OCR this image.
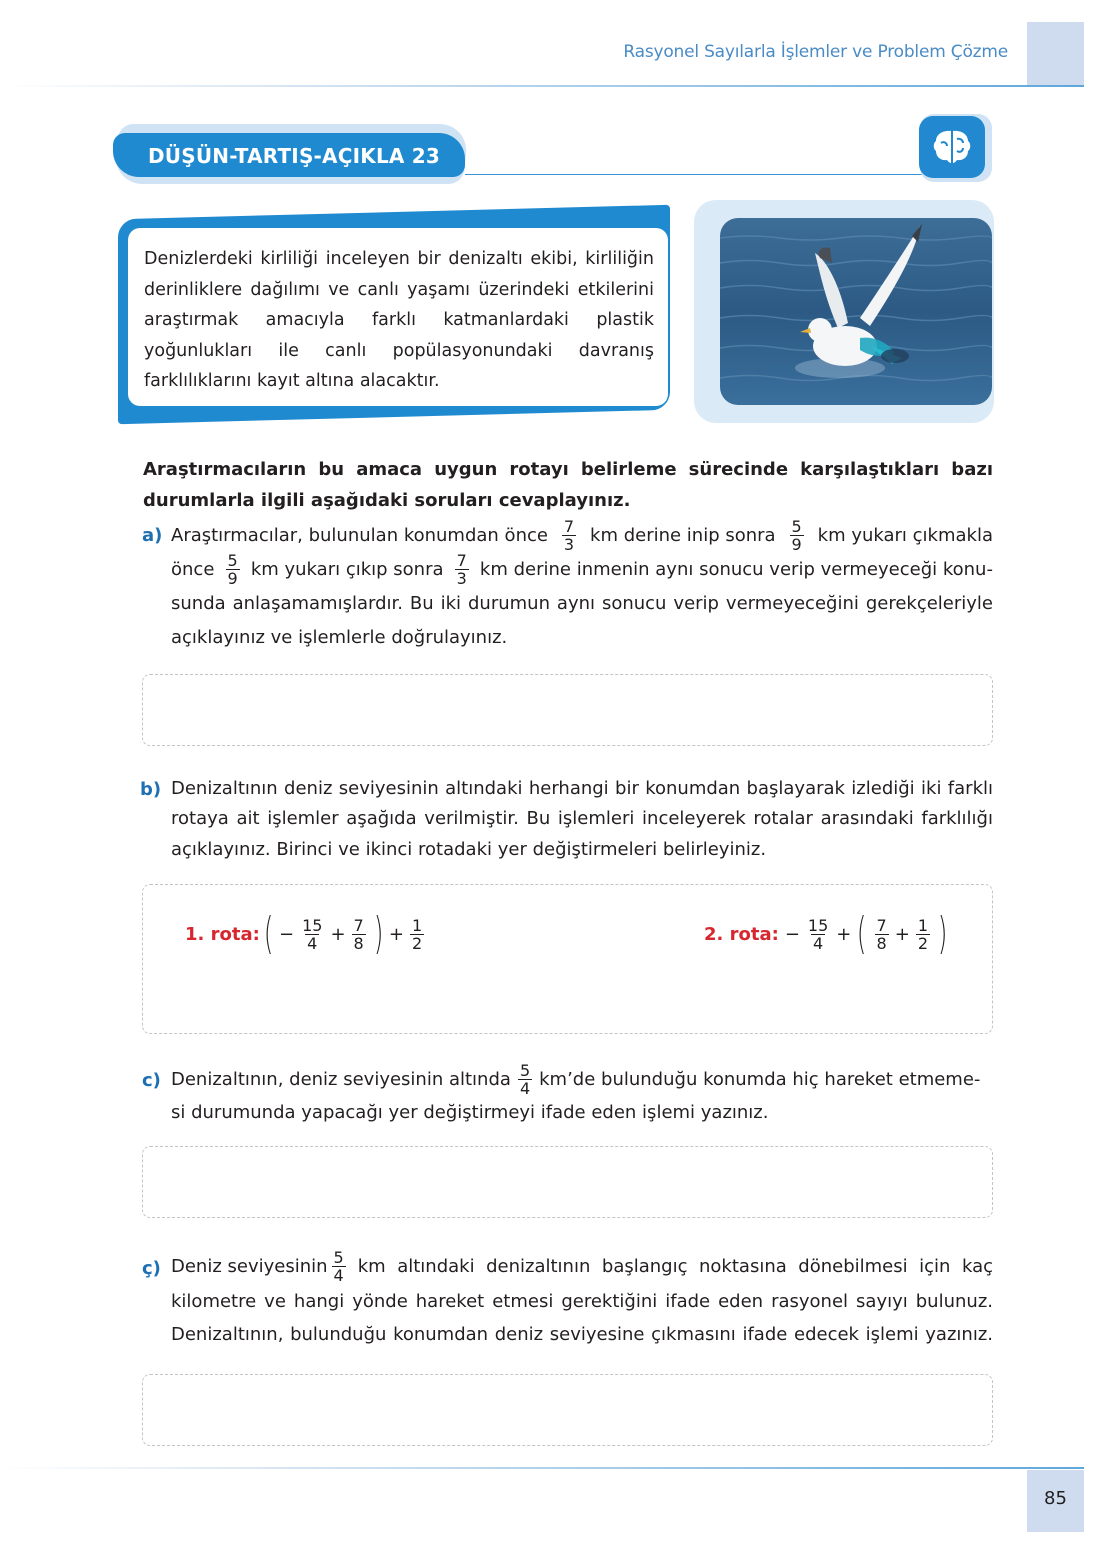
Rasyonel Sayılarla İşlemler ve Problem Çözme
DÜŞÜN-TARTIŞ-AÇIKLA 23
Denizlerdeki kirliliği inceleyen bir denizaltı ekibi, kirliliğin derinliklere dağılımı ve canlı yaşamı üzerindeki etkilerini araştırmak amacıyla farklı katmanlardaki plastik yoğunlukları ile canlı popülasyonundaki davranış farklılıklarını kayıt altına alacaktır.
Araştırmacıların bu amaca uygun rotayı belirleme sürecinde karşılaştıkları bazı durumlarla ilgili aşağıdaki soruları cevaplayınız.
a) Araştırmacılar, bulunulan konumdan önce $\frac{7}{3}$ km derine inip sonra $\frac{5}{9}$ km yukarı çıkmakla
önce $\frac{5}{9}$ km yukarı çıkıp sonra $\frac{7}{3}$ km derine inmenin aynı sonucu verip vermeyeceği konu-
sunda anlaşamamışlardır. Bu iki durumun aynı sonucu verip vermeyeceğini gerekçeleriyle
açıklayınız ve işlemlerle doğrulayınız.
b) Denizaltının deniz seviyesinin altındaki herhangi bir konumdan başlayarak izlediği iki farklı
rotaya ait işlemler aşağıda verilmiştir. Bu işlemleri inceleyerek rotalar arasındaki farklılığı
açıklayınız. Birinci ve ikinci rotadaki yer değiştirmeleri belirleyiniz.
1. rota: ( − $\frac{15}{4} + \frac{7}{8}$ ) + $\frac{1}{2}$	2. rota: − $\frac{15}{4}$ + ( $\frac{7}{8} + \frac{1}{2}$ )
c) Denizaltının, deniz seviyesinin altında $\frac{5}{4}$ km’de bulunduğu konumda hiç hareket etmeme-
si durumunda yapacağı yer değiştirmeyi ifade eden işlemi yazınız.
ç) Deniz seviyesinin $\frac{5}{4}$ km altındaki denizaltının başlangıç noktasına dönebilmesi için kaç
kilometre ve hangi yönde hareket etmesi gerektiğini ifade eden rasyonel sayıyı bulunuz.
Denizaltının, bulunduğu konumdan deniz seviyesine çıkmasını ifade edecek işlemi yazınız.
85
